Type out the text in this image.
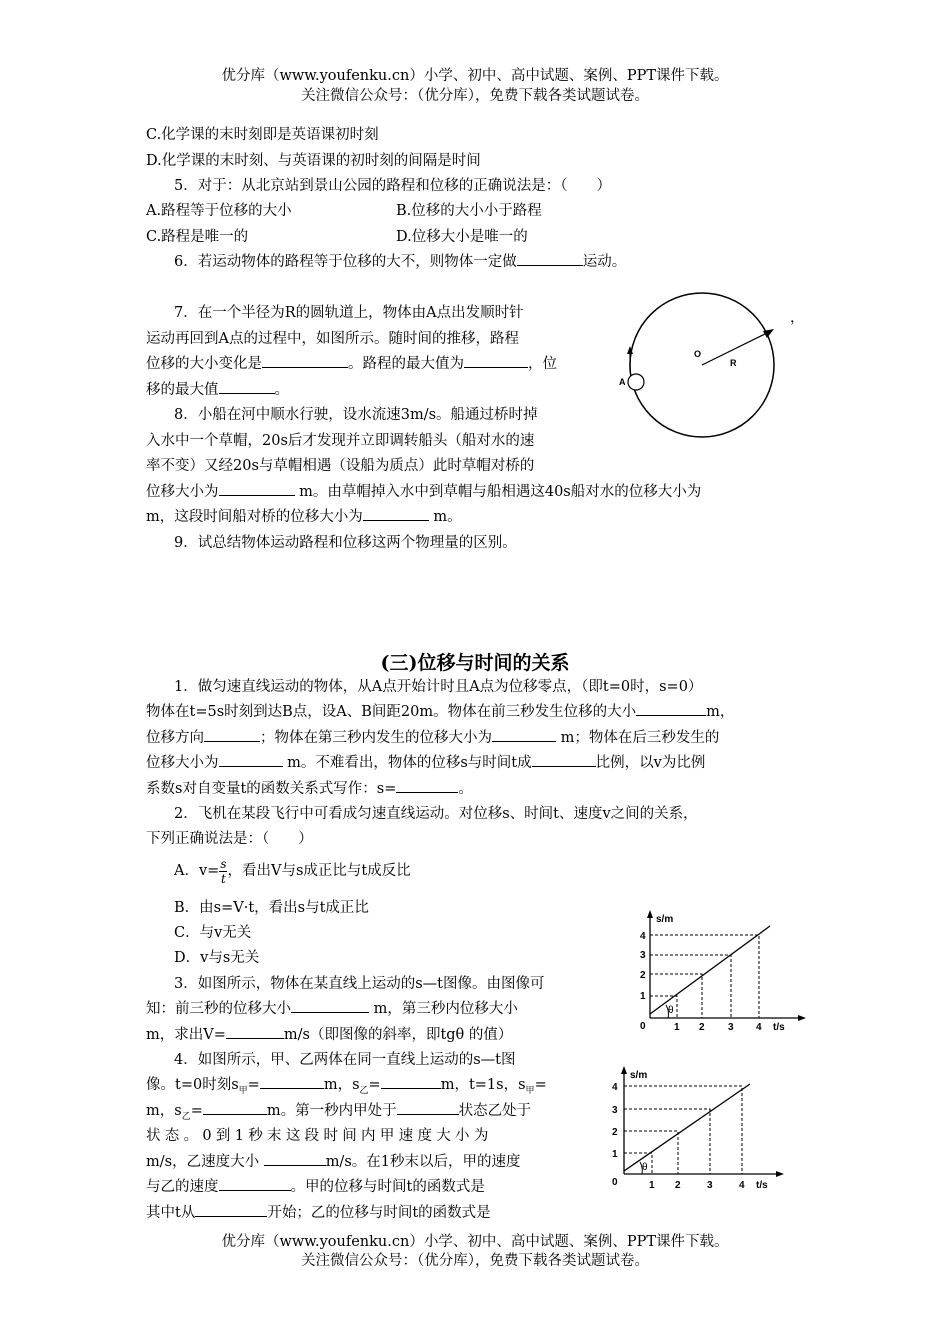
优分库（www.youfenku.cn）小学、初中、高中试题、案例、PPT课件下载。
关注微信公众号：（优分库），免费下载各类试题试卷。
C.化学课的末时刻即是英语课初时刻
D.化学课的末时刻、与英语课的初时刻的间隔是时间
5．对于：从北京站到景山公园的路程和位移的正确说法是：（　　）
A.路程等于位移的大小	B.位移的大小小于路程
C.路程是唯一的	D.位移大小是唯一的
6．若运动物体的路程等于位移的大不，则物体一定做	运动。
7．在一个半径为R的圆轨道上，物体由A点出发顺时针
运动再回到A点的过程中，如图所示。随时间的推移，路程
位移的大小变化是	。路程的最大值为	，位
，
移的最大值	。
8．小船在河中顺水行驶，设水流速3m/s。船通过桥时掉
入水中一个草帽，20s后才发现并立即调转船头（船对水的速
率不变）又经20s与草帽相遇（设船为质点）此时草帽对桥的
位移大小为	m。由草帽掉入水中到草帽与船相遇这40s船对水的位移大小为
m，这段时间船对桥的位移大小为	m。
9．试总结物体运动路程和位移这两个物理量的区别。
O
R
A
(三)位移与时间的关系
1．做匀速直线运动的物体，从A点开始计时且A点为位移零点，（即t=0时，s=0）
物体在t=5s时刻到达B点，设A、B间距20m。物体在前三秒发生位移的大小	m，
位移方向	；物体在第三秒内发生的位移大小为	m；物体在后三秒发生的
位移大小为	m。不难看出，物体的位移s与时间t成	比例，以v为比例
系数s对自变量t的函数关系式写作：s=	。
2．飞机在某段飞行中可看成匀速直线运动。对位移s、时间t、速度v之间的关系，
下列正确说法是：（　　）
A．$v= \frac{s}{t}$ ，看出V与s成正比与t成反比
B．由s=V·t，看出s与t成正比
C．与v无关
D．v与s无关
3．如图所示，物体在某直线上运动的s—t图像。由图像可
知：前三秒的位移大小	m，第三秒内位移大小
m，求出V=	m/s（即图像的斜率，即tgθ 的值）
4．如图所示，甲、乙两体在同一直线上运动的s—t图
像。t=0时刻$s_甲=$	m，$s_乙=$	m，t=1s，$s_甲=$
m，$s_乙=$	m。第一秒内甲处于	状态乙处于
状态。0到1秒末这段时间内甲速度大小为
m/s，乙速度大小	m/s。在1秒末以后，甲的速度
与乙的速度	。甲的位移与时间t的函数式是
其中t从	开始；乙的位移与时间t的函数式是
θ
s/m
t/s
0
1
2
3
4
1 2 3 4
θ
s/m
t/s
0
1
2
3
4
1 2	3	4
优分库（www.youfenku.cn）小学、初中、高中试题、案例、PPT课件下载。
关注微信公众号：（优分库），免费下载各类试题试卷。
